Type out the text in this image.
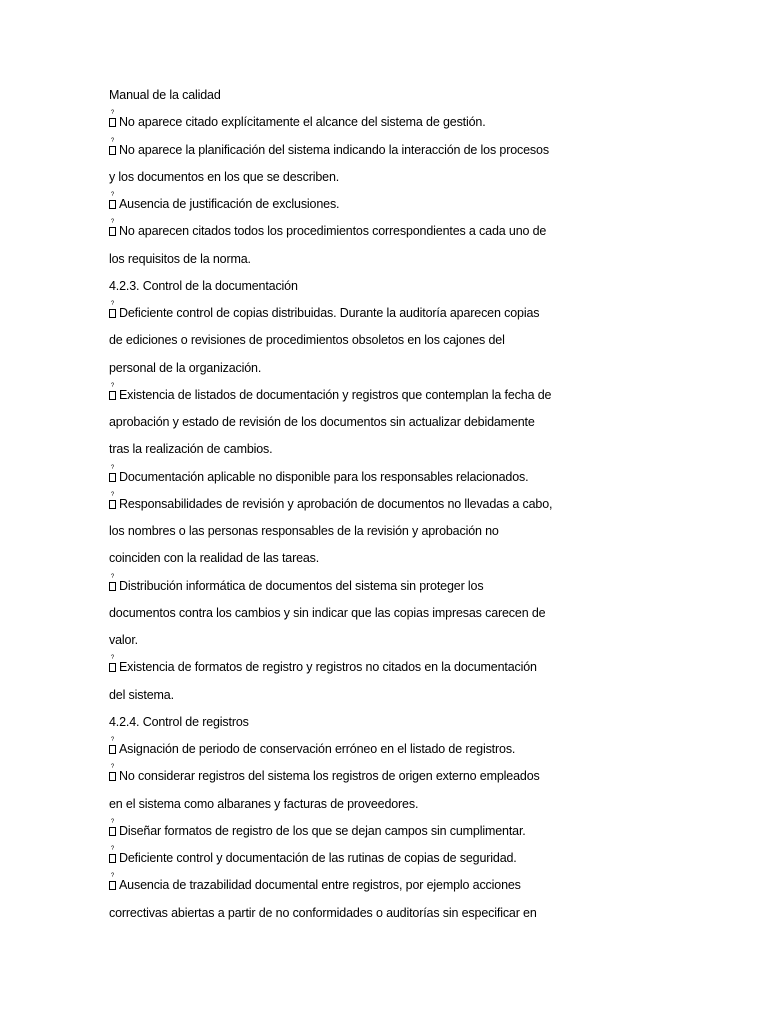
Manual de la calidad
?No aparece citado explícitamente el alcance del sistema de gestión.
?No aparece la planificación del sistema indicando la interacción de los procesos
y los documentos en los que se describen.
?Ausencia de justificación de exclusiones.
?No aparecen citados todos los procedimientos correspondientes a cada uno de
los requisitos de la norma.
4.2.3. Control de la documentación
?Deficiente control de copias distribuidas. Durante la auditoría aparecen copias
de ediciones o revisiones de procedimientos obsoletos en los cajones del
personal de la organización.
?Existencia de listados de documentación y registros que contemplan la fecha de
aprobación y estado de revisión de los documentos sin actualizar debidamente
tras la realización de cambios.
?Documentación aplicable no disponible para los responsables relacionados.
?Responsabilidades de revisión y aprobación de documentos no llevadas a cabo,
los nombres o las personas responsables de la revisión y aprobación no
coinciden con la realidad de las tareas.
?Distribución informática de documentos del sistema sin proteger los
documentos contra los cambios y sin indicar que las copias impresas carecen de
valor.
?Existencia de formatos de registro y registros no citados en la documentación
del sistema.
4.2.4. Control de registros
?Asignación de periodo de conservación erróneo en el listado de registros.
?No considerar registros del sistema los registros de origen externo empleados
en el sistema como albaranes y facturas de proveedores.
?Diseñar formatos de registro de los que se dejan campos sin cumplimentar.
?Deficiente control y documentación de las rutinas de copias de seguridad.
?Ausencia de trazabilidad documental entre registros, por ejemplo acciones
correctivas abiertas a partir de no conformidades o auditorías sin especificar en
